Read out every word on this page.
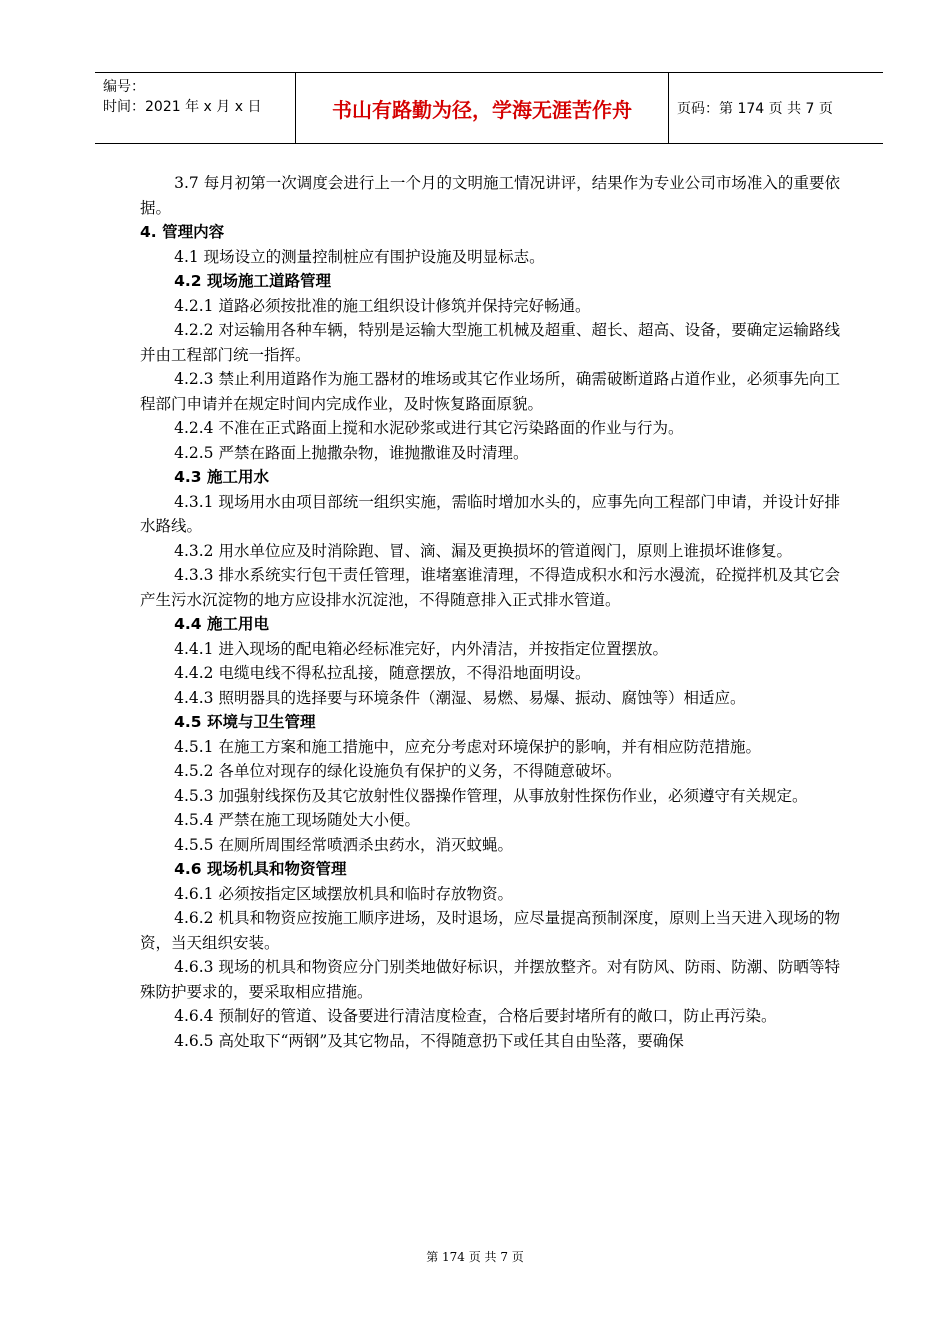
编号：
时间：2021 年 x 月 x 日	书山有路勤为径，学海无涯苦作舟	页码：第 174 页 共 7 页

3.7 每月初第一次调度会进行上一个月的文明施工情况讲评，结果作为专业公司市场准入的重要依据。

4. 管理内容

4.1 现场设立的测量控制桩应有围护设施及明显标志。

4.2 现场施工道路管理

4.2.1 道路必须按批准的施工组织设计修筑并保持完好畅通。

4.2.2 对运输用各种车辆，特别是运输大型施工机械及超重、超长、超高、设备，要确定运输路线并由工程部门统一指挥。

4.2.3 禁止利用道路作为施工器材的堆场或其它作业场所，确需破断道路占道作业，必须事先向工程部门申请并在规定时间内完成作业，及时恢复路面原貌。

4.2.4 不准在正式路面上搅和水泥砂浆或进行其它污染路面的作业与行为。

4.2.5 严禁在路面上抛撒杂物，谁抛撒谁及时清理。

4.3 施工用水

4.3.1 现场用水由项目部统一组织实施，需临时增加水头的，应事先向工程部门申请，并设计好排水路线。

4.3.2 用水单位应及时消除跑、冒、滴、漏及更换损坏的管道阀门，原则上谁损坏谁修复。

4.3.3 排水系统实行包干责任管理，谁堵塞谁清理，不得造成积水和污水漫流，砼搅拌机及其它会产生污水沉淀物的地方应设排水沉淀池，不得随意排入正式排水管道。

4.4 施工用电

4.4.1 进入现场的配电箱必经标准完好，内外清洁，并按指定位置摆放。

4.4.2 电缆电线不得私拉乱接，随意摆放，不得沿地面明设。

4.4.3 照明器具的选择要与环境条件（潮湿、易燃、易爆、振动、腐蚀等）相适应。

4.5 环境与卫生管理

4.5.1 在施工方案和施工措施中，应充分考虑对环境保护的影响，并有相应防范措施。

4.5.2 各单位对现存的绿化设施负有保护的义务，不得随意破坏。

4.5.3 加强射线探伤及其它放射性仪器操作管理，从事放射性探伤作业，必须遵守有关规定。

4.5.4 严禁在施工现场随处大小便。

4.5.5 在厕所周围经常喷洒杀虫药水，消灭蚊蝇。

4.6 现场机具和物资管理

4.6.1 必须按指定区域摆放机具和临时存放物资。

4.6.2 机具和物资应按施工顺序进场，及时退场，应尽量提高预制深度，原则上当天进入现场的物资，当天组织安装。

4.6.3 现场的机具和物资应分门别类地做好标识，并摆放整齐。对有防风、防雨、防潮、防晒等特殊防护要求的，要采取相应措施。

4.6.4 预制好的管道、设备要进行清洁度检查，合格后要封堵所有的敞口，防止再污染。

4.6.5 高处取下“两钢”及其它物品，不得随意扔下或任其自由坠落，要确保

第 174 页 共 7 页
